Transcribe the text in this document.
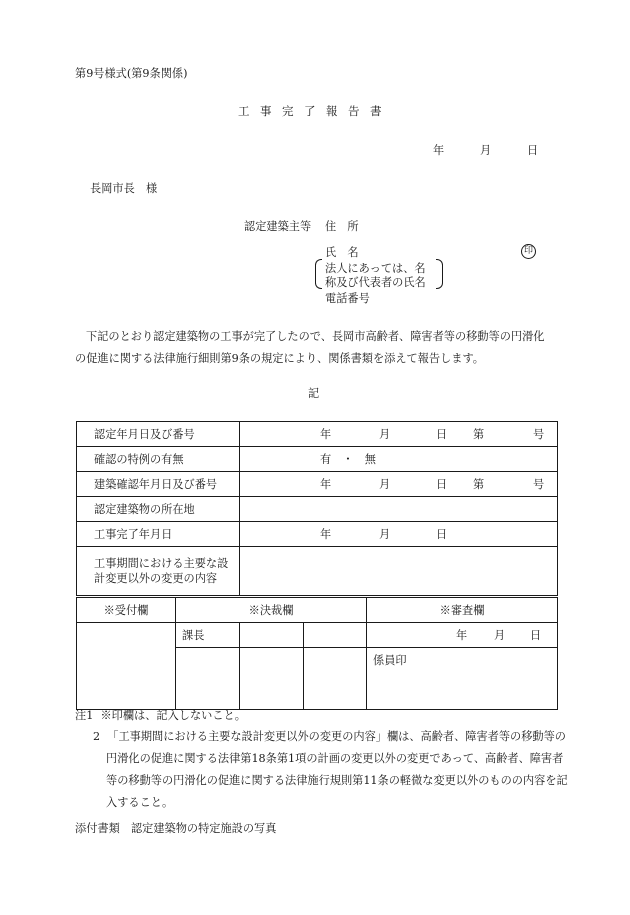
第9号様式(第9条関係)
工事完了報告書
年	月	日
長岡市長　様
認定建築主等 住　所
氏　名	印
法人にあっては、名
称及び代表者の氏名
電話番号
下記のとおり認定建築物の工事が完了したので、長岡市高齢者、障害者等の移動等の円滑化の促進に関する法律施行細則第9条の規定により、関係書類を添えて報告します。
記
認定年月日及び番号	年 月 日 第 号

確認の特例の有無	有　・　無

建築確認年月日及び番号	年 月 日 第 号

認定建築物の所在地	
工事完了年月日	年 月 日

工事期間における主要な設計変更以外の変更の内容	
※受付欄	※決裁欄			※審査欄
	課長			年 月 日

				係員印
注1 ※印欄は、記入しないこと。
2 「工事期間における主要な設計変更以外の変更の内容」欄は、高齢者、障害者等の移動等の円滑化の促進に関する法律第18条第1項の計画の変更以外の変更であって、高齢者、障害者等の移動等の円滑化の促進に関する法律施行規則第11条の軽微な変更以外のものの内容を記入すること。
添付書類　認定建築物の特定施設の写真
